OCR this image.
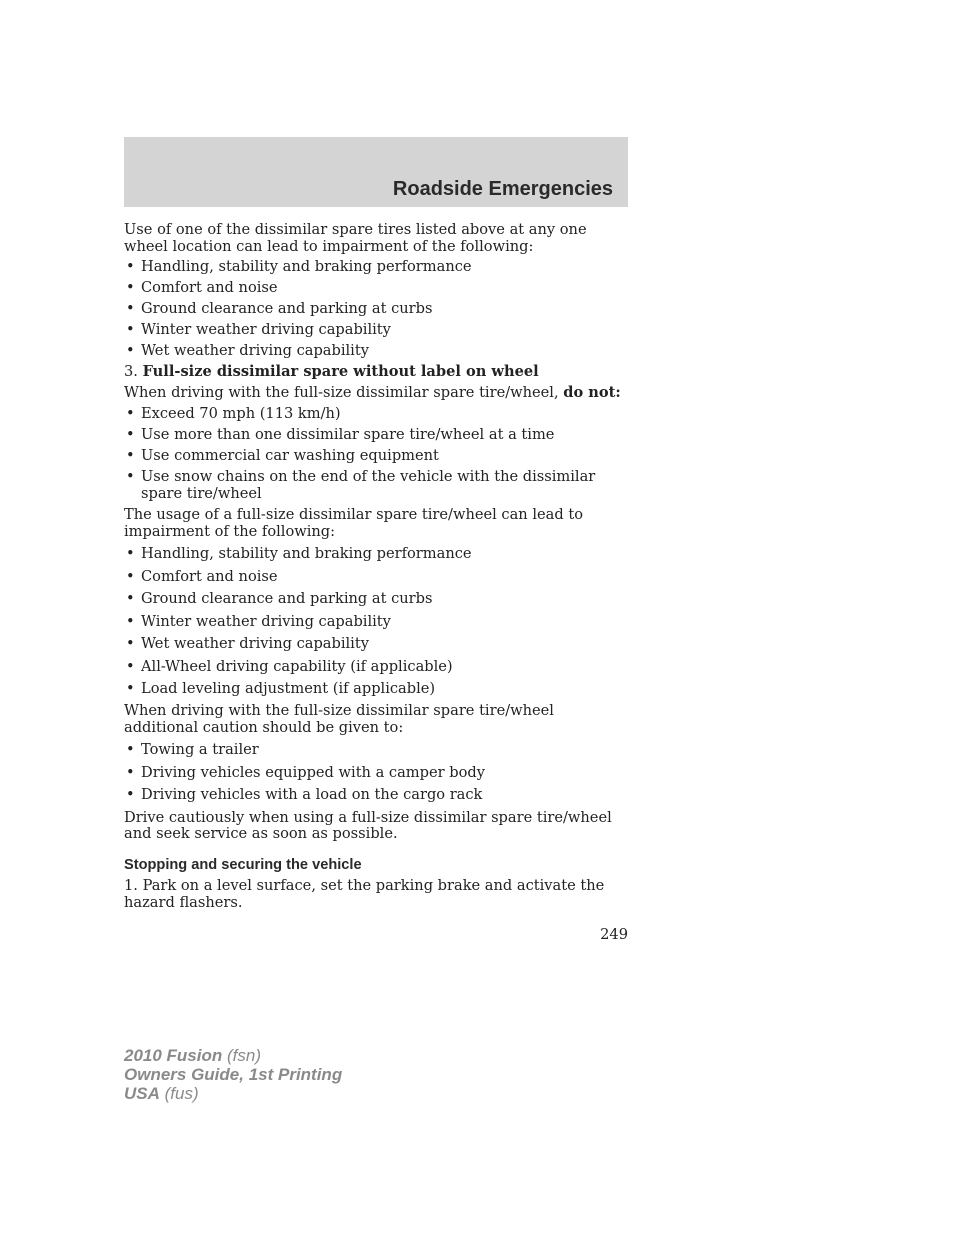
Roadside Emergencies

Use of one of the dissimilar spare tires listed above at any one wheel location can lead to impairment of the following:

• Handling, stability and braking performance
• Comfort and noise
• Ground clearance and parking at curbs
• Winter weather driving capability
• Wet weather driving capability

3. Full-size dissimilar spare without label on wheel

When driving with the full-size dissimilar spare tire/wheel, do not:

• Exceed 70 mph (113 km/h)
• Use more than one dissimilar spare tire/wheel at a time
• Use commercial car washing equipment
• Use snow chains on the end of the vehicle with the dissimilar spare tire/wheel

The usage of a full-size dissimilar spare tire/wheel can lead to impairment of the following:

• Handling, stability and braking performance
• Comfort and noise
• Ground clearance and parking at curbs
• Winter weather driving capability
• Wet weather driving capability
• All-Wheel driving capability (if applicable)
• Load leveling adjustment (if applicable)

When driving with the full-size dissimilar spare tire/wheel additional caution should be given to:

• Towing a trailer
• Driving vehicles equipped with a camper body
• Driving vehicles with a load on the cargo rack

Drive cautiously when using a full-size dissimilar spare tire/wheel and seek service as soon as possible.

Stopping and securing the vehicle

1. Park on a level surface, set the parking brake and activate the hazard flashers.

249
2010 Fusion (fsn)
Owners Guide, 1st Printing
USA (fus)
